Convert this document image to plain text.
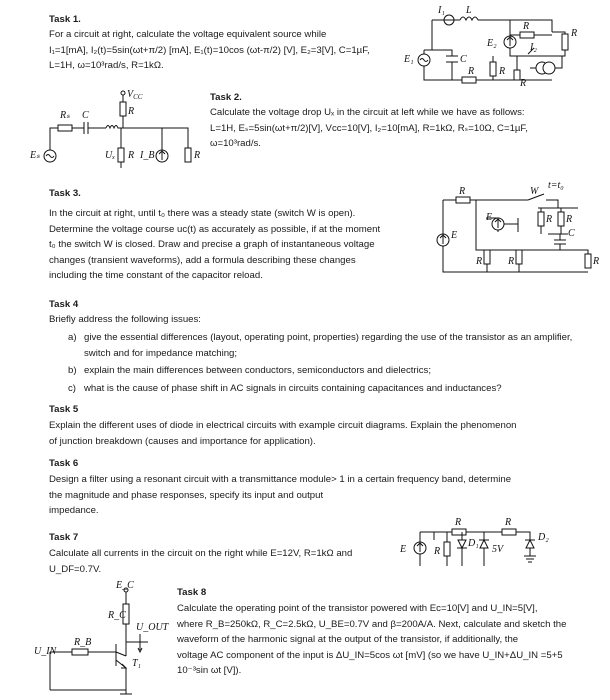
Task 1.
For a circuit at right, calculate the voltage equivalent source while
I₁=1[mA], I₂(t)=5sin(ωt+π/2) [mA], E₁(t)=10cos (ωt-π/2) [V], E₂=3[V], C=1µF,
L=1H, ω=10³rad/s, R=1kΩ.
I₁ L
E₁	C
E₂
R
R
I₂
R R
R
$V_{CC}$
R
Rₛ C
Eₛ	Uₓ R I_B	R
Task 2.
Calculate the voltage drop Uₓ in the circuit at left while we have as follows:
L=1H, Eₛ=5sin(ωt+π/2)[V], Vcc=10[V], I₂=10[mA], R=1kΩ, Rₛ=10Ω, C=1µF,
ω=10³rad/s.
Task 3.
In the circuit at right, until t₀ there was a steady state (switch W is open).
Determine the voltage course uc(t) as accurately as possible, if at the moment
t₀ the switch W is closed. Draw and precise a graph of instantaneous voltage
changes (transient waveforms), add a formula describing these changes
including the time constant of the capacitor reload.
R	W
t=t₀
E
E
R	R
R R
C
R
Task 4
Briefly address the following issues:
a) give the essential differences (layout, operating point, properties) regarding the use of the transistor as an amplifier, switch and for impedance matching;
b) explain the main differences between conductors, semiconductors and dielectrics;
c) what is the cause of phase shift in AC signals in circuits containing capacitances and inductances?
Task 5
Explain the different uses of diode in electrical circuits with example circuit diagrams. Explain the phenomenon
of junction breakdown (causes and importance for application).
Task 6
Design a filter using a resonant circuit with a transmittance module> 1 in a certain frequency band, determine
the magnitude and phase responses, specify its input and output
impedance.
Task 7
Calculate all currents in the circuit on the right while E=12V, R=1kΩ and
U_DF=0.7V.
E
R	R
R
D₁
5V
D₂
E_C
R_C
U_OUT
U_IN
R_B
T₁
Task 8
Calculate the operating point of the transistor powered with Ec=10[V] and U_IN=5[V],
where R_B=250kΩ, R_C=2.5kΩ, U_BE=0.7V and β=200A/A. Next, calculate and sketch the
waveform of the harmonic signal at the output of the transistor, if additionally, the
voltage AC component of the input is ΔU_IN=5cos ωt [mV] (so we have U_IN+ΔU_IN =5+5
10⁻³sin ωt [V]).
